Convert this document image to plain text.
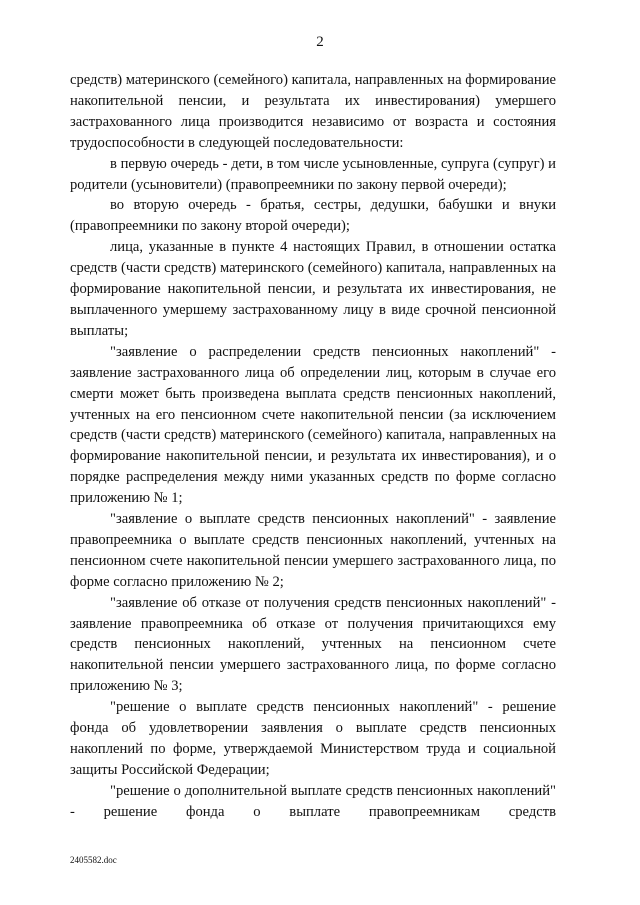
2

средств) материнского (семейного) капитала, направленных на формирование накопительной пенсии, и результата их инвестирования) умершего застрахованного лица производится независимо от возраста и состояния трудоспособности в следующей последовательности:

в первую очередь - дети, в том числе усыновленные, супруга (супруг) и родители (усыновители) (правопреемники по закону первой очереди);

во вторую очередь - братья, сестры, дедушки, бабушки и внуки (правопреемники по закону второй очереди);

лица, указанные в пункте 4 настоящих Правил, в отношении остатка средств (части средств) материнского (семейного) капитала, направленных на формирование накопительной пенсии, и результата их инвестирования, не выплаченного умершему застрахованному лицу в виде срочной пенсионной выплаты;

"заявление о распределении средств пенсионных накоплений" - заявление застрахованного лица об определении лиц, которым в случае его смерти может быть произведена выплата средств пенсионных накоплений, учтенных на его пенсионном счете накопительной пенсии (за исключением средств (части средств) материнского (семейного) капитала, направленных на формирование накопительной пенсии, и результата их инвестирования), и о порядке распределения между ними указанных средств по форме согласно приложению № 1;

"заявление о выплате средств пенсионных накоплений" - заявление правопреемника о выплате средств пенсионных накоплений, учтенных на пенсионном счете накопительной пенсии умершего застрахованного лица, по форме согласно приложению № 2;

"заявление об отказе от получения средств пенсионных накоплений" - заявление правопреемника об отказе от получения причитающихся ему средств пенсионных накоплений, учтенных на пенсионном счете накопительной пенсии умершего застрахованного лица, по форме согласно приложению № 3;

"решение о выплате средств пенсионных накоплений" - решение фонда об удовлетворении заявления о выплате средств пенсионных накоплений по форме, утверждаемой Министерством труда и социальной защиты Российской Федерации;

"решение о дополнительной выплате средств пенсионных накоплений" - решение фонда о выплате правопреемникам средств

2405582.doc
